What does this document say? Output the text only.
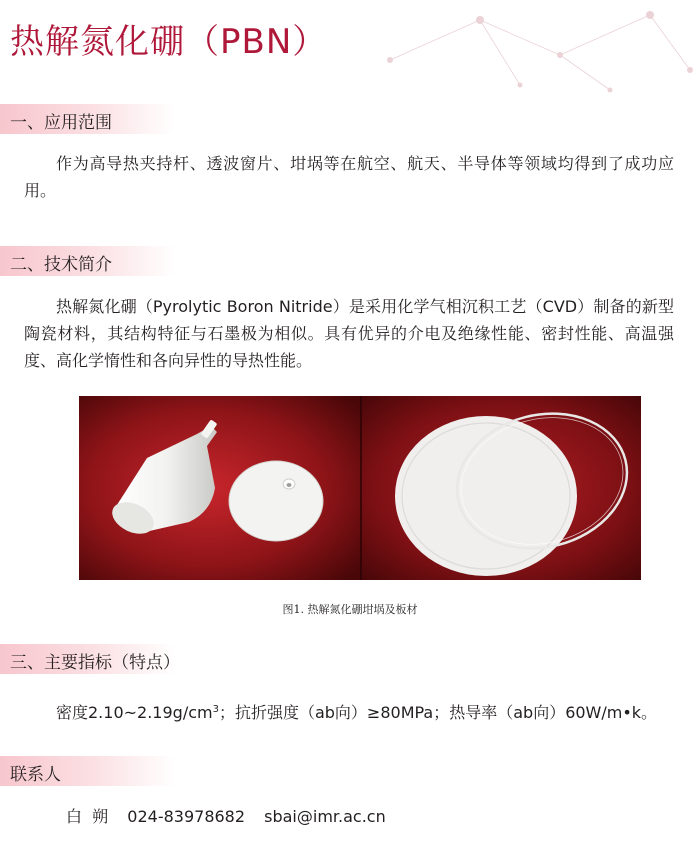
热解氮化硼（PBN）
一、应用范围
作为高导热夹持杆、透波窗片、坩埚等在航空、航天、半导体等领域均得到了成功应用。
二、技术简介
热解氮化硼（Pyrolytic Boron Nitride）是采用化学气相沉积工艺（CVD）制备的新型陶瓷材料，其结构特征与石墨极为相似。具有优异的介电及绝缘性能、密封性能、高温强度、高化学惰性和各向异性的导热性能。
图1. 热解氮化硼坩埚及板材
三、主要指标（特点）
密度$2.10\sim 2.19g/cm^3$；抗折强度（ab向）≥80MPa；热导率（ab向）60W/m•k。
联系人
白  朔 024-83978682 sbai@imr.ac.cn
